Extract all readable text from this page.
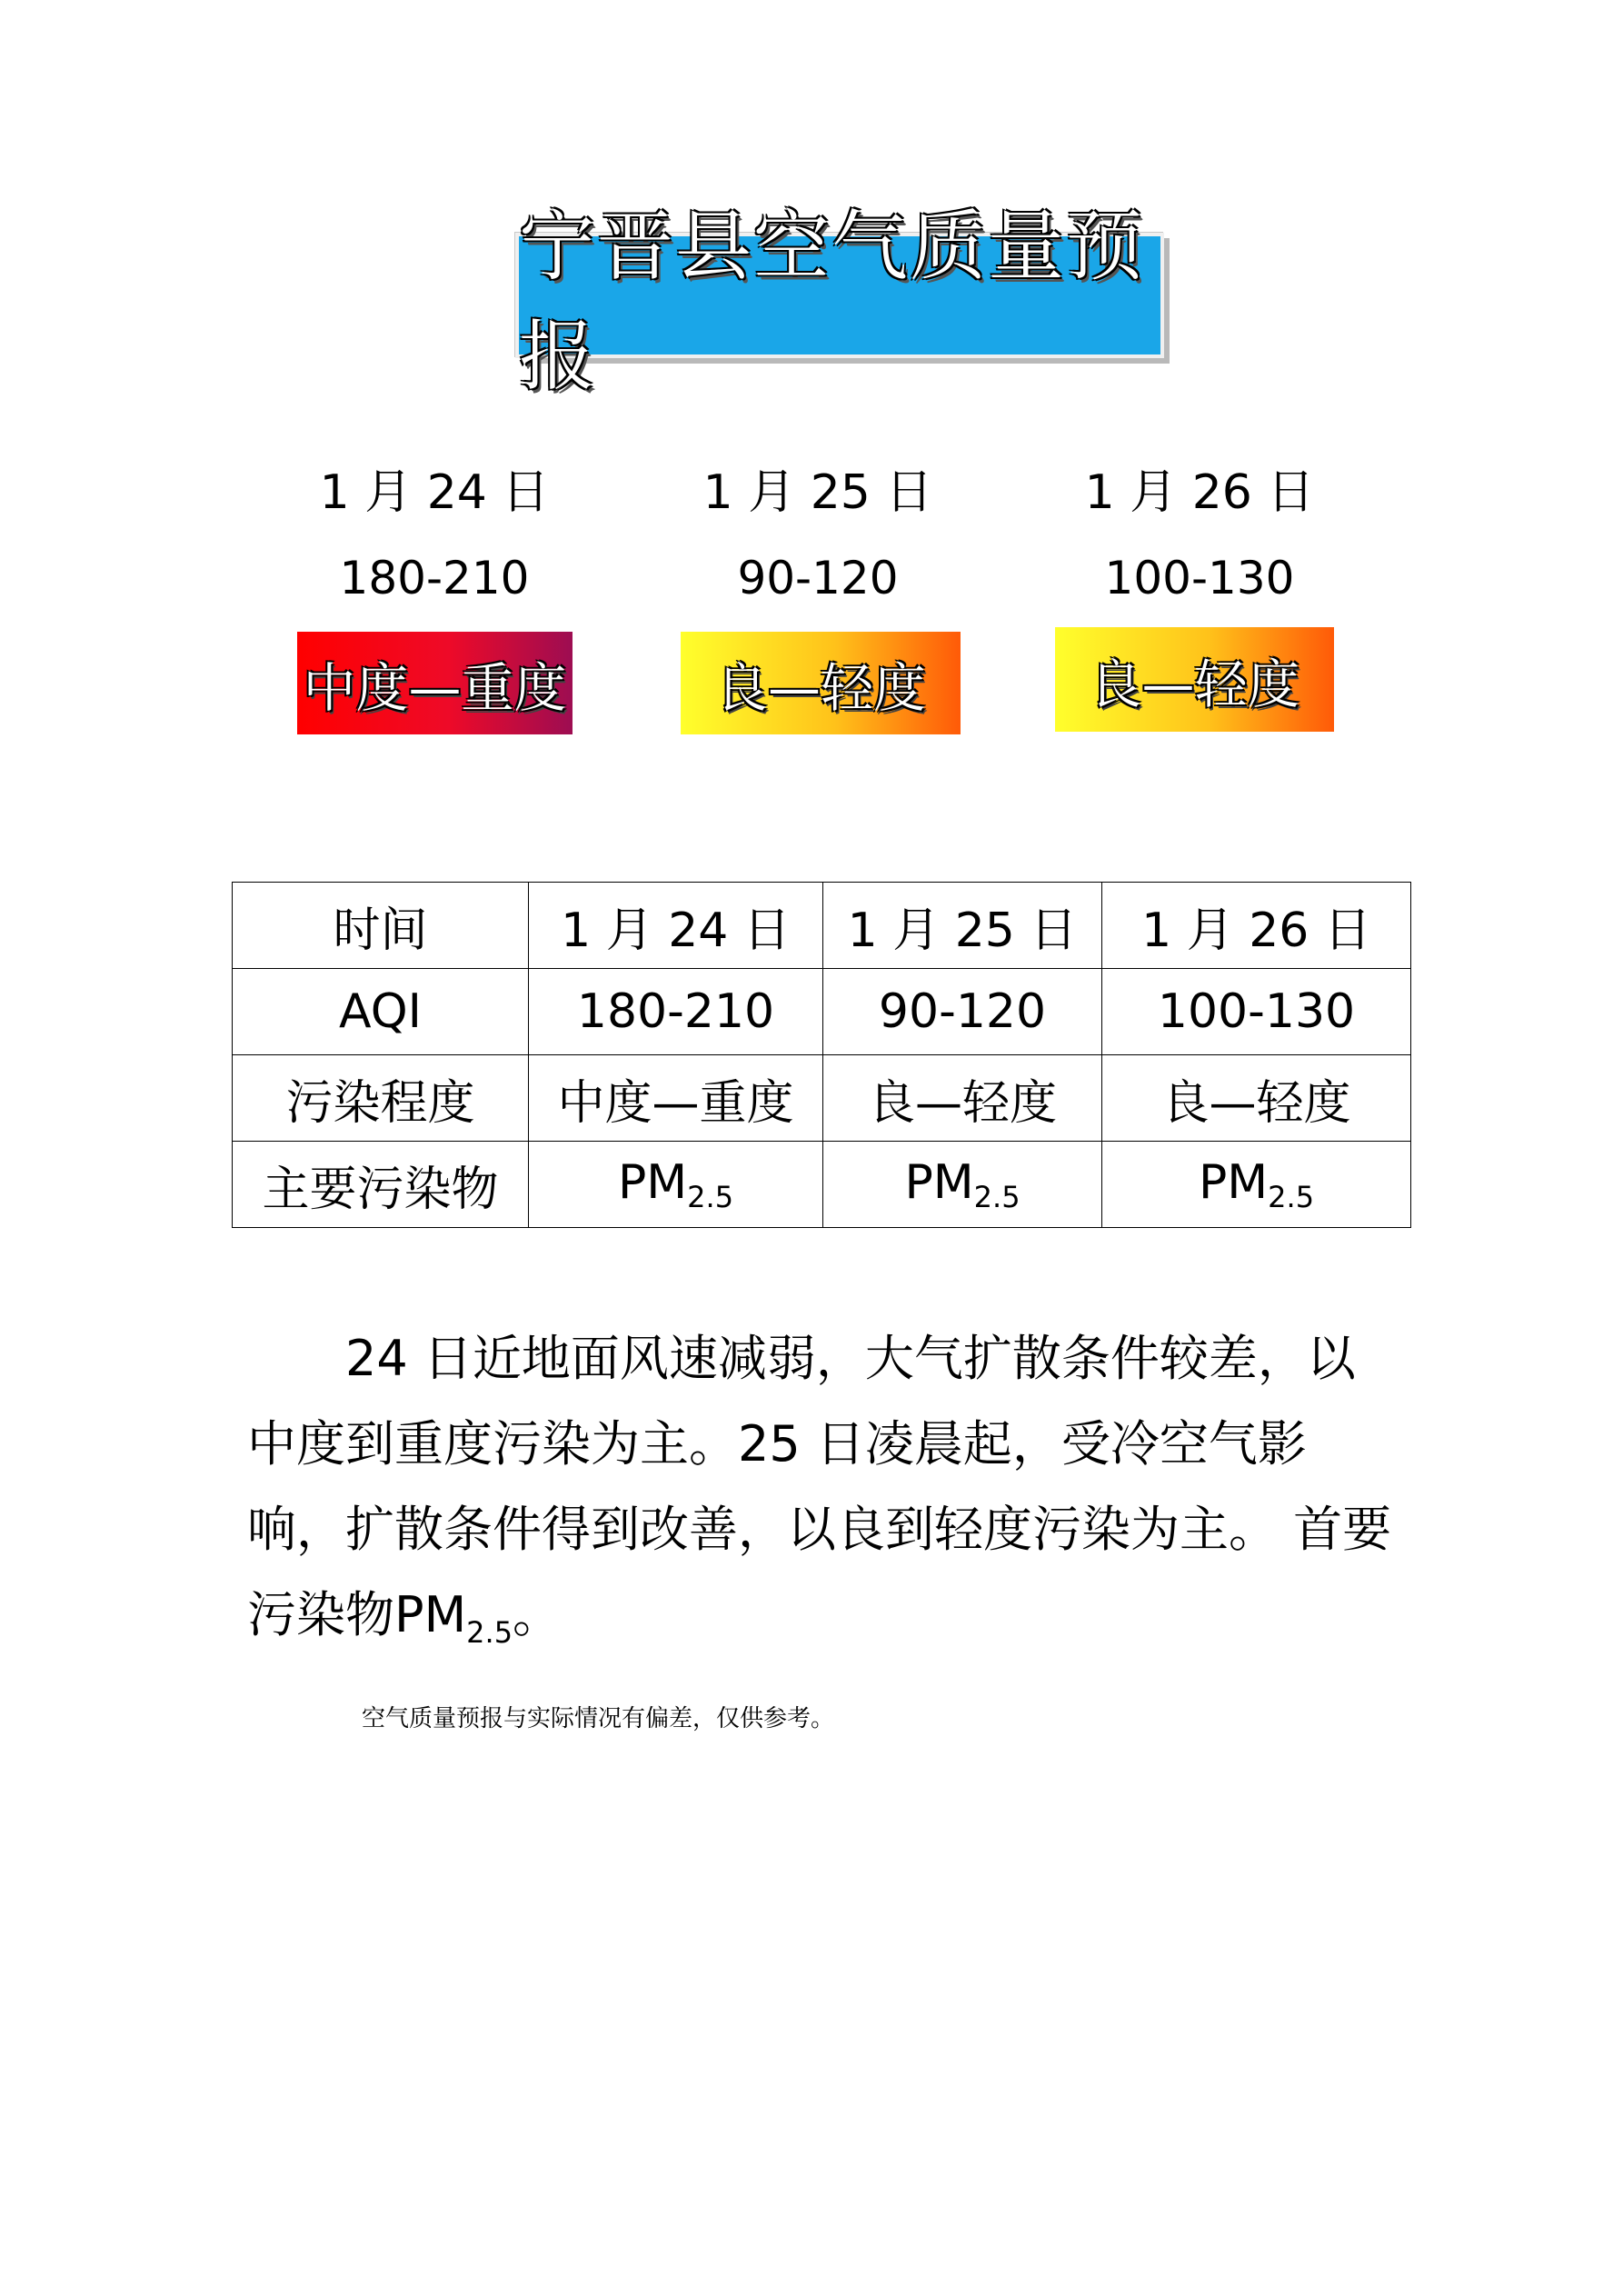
宁晋县空气质量预报
1 月 24 日
180-210
1 月 25 日
90-120
1 月 26 日
100-130
中度—重度	良—轻度	良—轻度
时间	1 月 24 日	1 月 25 日	1 月 26 日
AQI	180-210	90-120	100-130
污染程度	中度—重度	良—轻度	良—轻度
主要污染物	$PM_{2.5}$	$PM_{2.5}$	$PM_{2.5}$
24 日近地面风速减弱，大气扩散条件较差，以中度到重度污染为主。25 日凌晨起，受冷空气影响，扩散条件得到改善，以良到轻度污染为主。 首要污染物$PM_{2.5}$。
空气质量预报与实际情况有偏差，仅供参考。
